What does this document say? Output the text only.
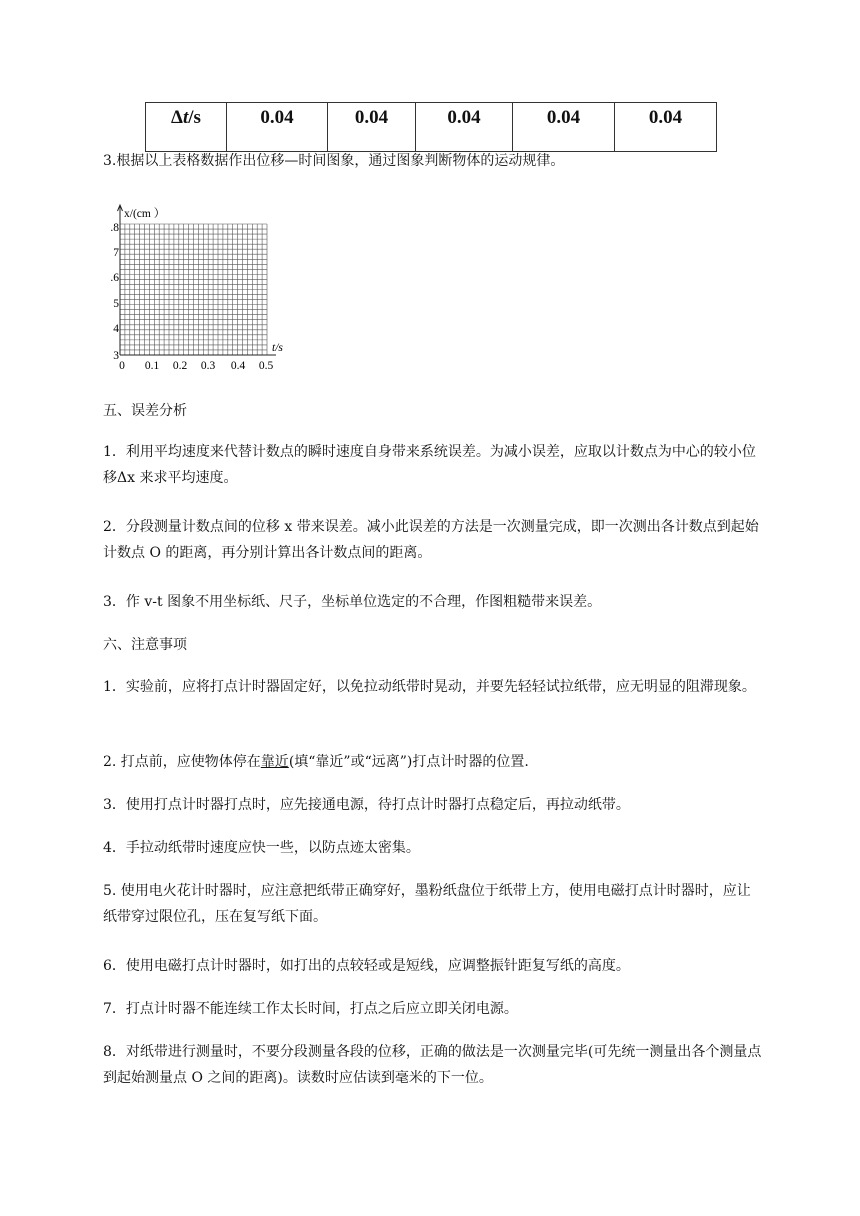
Δt/s	0.04	0.04	0.04	0.04	0.04

3.根据以上表格数据作出位移—时间图象，通过图象判断物体的运动规律。

x/(cm ）
t/s
.8
7
.6
5
4
3
0 0.1 0.2 0.3 0.4 0.5

五、误差分析

1．利用平均速度来代替计数点的瞬时速度自身带来系统误差。为减小误差，应取以计数点为中心的较小位移Δx 来求平均速度。

2．分段测量计数点间的位移 x 带来误差。减小此误差的方法是一次测量完成，即一次测出各计数点到起始计数点 O 的距离，再分别计算出各计数点间的距离。

3．作 v-t 图象不用坐标纸、尺子，坐标单位选定的不合理，作图粗糙带来误差。

六、注意事项

1．实验前，应将打点计时器固定好，以免拉动纸带时晃动，并要先轻轻试拉纸带，应无明显的阻滞现象。

2. 打点前，应使物体停在靠近(填“靠近”或“远离”)打点计时器的位置.

3．使用打点计时器打点时，应先接通电源，待打点计时器打点稳定后，再拉动纸带。

4．手拉动纸带时速度应快一些，以防点迹太密集。

5. 使用电火花计时器时，应注意把纸带正确穿好，墨粉纸盘位于纸带上方，使用电磁打点计时器时，应让纸带穿过限位孔，压在复写纸下面。

6．使用电磁打点计时器时，如打出的点较轻或是短线，应调整振针距复写纸的高度。

7．打点计时器不能连续工作太长时间，打点之后应立即关闭电源。

8．对纸带进行测量时，不要分段测量各段的位移，正确的做法是一次测量完毕(可先统一测量出各个测量点到起始测量点 O 之间的距离)。读数时应估读到毫米的下一位。
